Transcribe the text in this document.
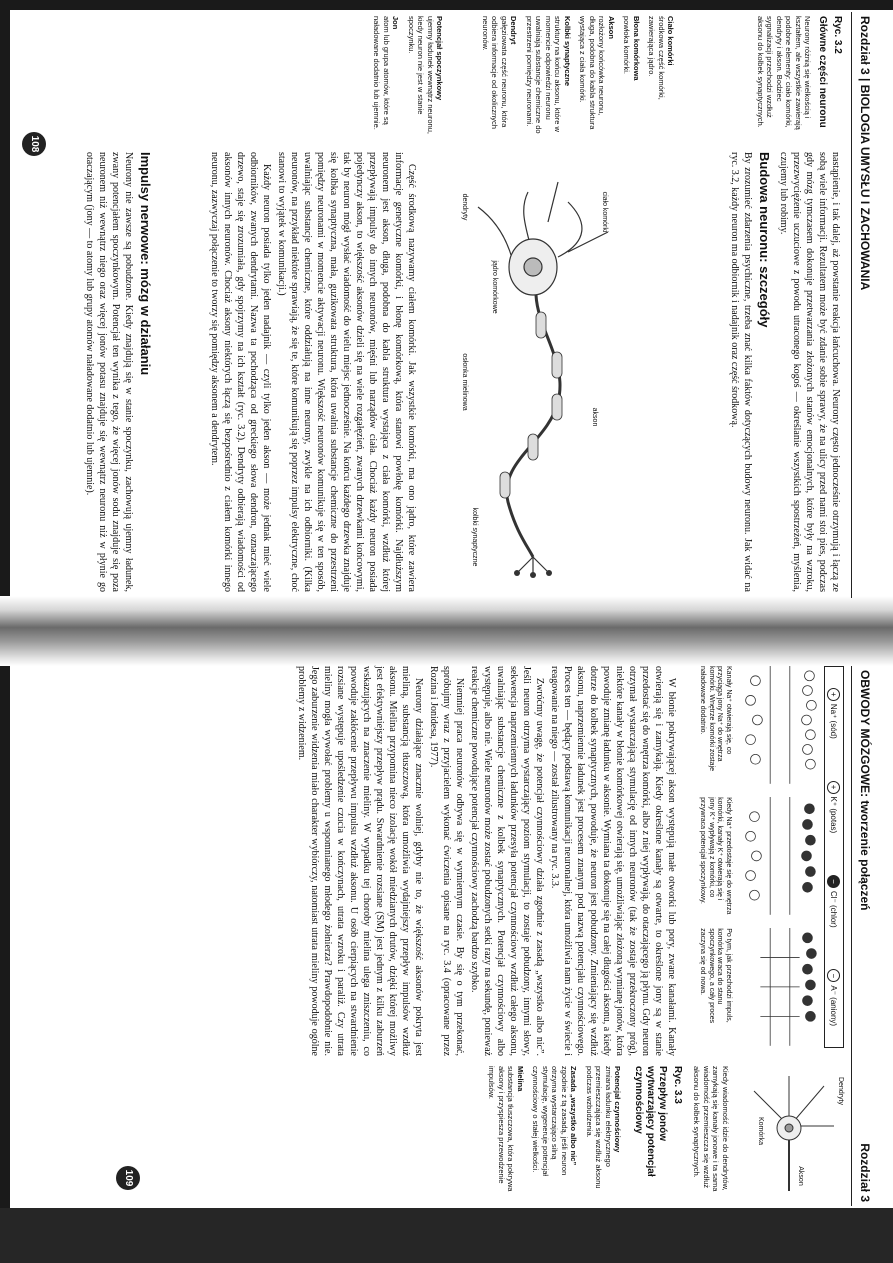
Rozdział 3 | BIOLOGIA UMYSŁU I ZACHOWANIA
Ryc. 3.2
Główne części neuronu
Neurony różnią się wielkością i kształtem, ale wszystkie zawierają podobne elementy: ciało komórki, dendryty i akson. Bodziec sygnalizacji przechodzi wzdłuż aksonu do kolbek synaptycznych.
Ciało komórki
środkowa część komórki, zawierająca jądro.
Błona komórkowa
powłoka komórki.
Akson
rozłożony końcówka neuronu, długa, podobna do kabla struktura wystająca z ciała komórki.
Kolbki synaptyczne
struktury na końcu aksonu, które w momencie odpowiedzi neuronu uwalniają substancje chemiczne do przestrzeni pomiędzy neuronami.
Dendryt
gałęziowata część neuronu, która odbiera informacje od okolicznych neuronów.
Potencjał spoczynkowy
ujemny ładunek wewnątrz neuronu, kiedy neuron nie jest w stanie spoczynku.
Jon
atom lub grupa atomów, które są naładowane dodatnio lub ujemnie.

nastąpienie, i tak dalej, aż powstanie reakcja łańcuchowa. Neurony często jednocześnie otrzymują i łączą ze sobą wiele informacji. Rezultatem może być zdanie sobie sprawy, że na ulicy przed nami stoi pies, podczas gdy mózg tymczasem dokonuje przetwarzania złożonych stanów emocjonalnych, które były na wzroku, przezwyciężenie uczuciowe z powodu utraconego kogoś — określanie wszystkich spostrzeżeń, myślenia, czujemy lub robimy.

Budowa neuronu: szczegóły

By zrozumieć zdarzenia psychiczne, trzeba znać kilka faktów dotyczących budowy neuronu. Jak widać na ryc. 3.2, każdy neuron ma odbiornik i nadajnik oraz część środkową.

ciało komórki
dendryty
jądro komórkowe
akson
osłonka mielinowa
kolbki synaptyczne

Część środkową nazywamy ciałem komórki. Jak wszystkie komórki, ma ono jądro, które zawiera informacje genetyczne komórki, i błonę komórkową, która stanowi powłokę komórki. Najdłuższym neuronem jest akson, długa, podobna do kabla struktura wystająca z ciała komórki, wzdłuż której przepływają impulsy do innych neuronów, mięśni lub narządów ciała. Chociaż każdy neuron posiada pojedynczy akson, to większość aksonów dzieli się na wiele rozgałęzień, zwanych drzewkami końcowymi, tak by neuron mógł wysłać wiadomość do wielu miejsc jednocześnie. Na końcu każdego drzewka znajduje się kolbka synaptyczna, mała, guzikowata struktura, która uwalnia substancje chemiczne do przestrzeni pomiędzy neuronami w momencie aktywacji neuronu. Większość neuronów komunikuje się w ten sposób, uwalniając substancje chemiczne, które oddziałują na inne neurony, zwykle na ich odbiorniki. (Kilka neuronów, na przykład niektóre sprawiają, że się te, które komunikują się poprzez impulsy elektryczne, choć stanowi to wyjątek w komunikacji.)

Każdy neuron posiada tylko jeden nadajnik — czyli tylko jeden akson — może jednak mieć wiele odbiorników, zwanych dendrytami. Nazwa ta pochodząca od greckiego słowa dendron, oznaczającego drzewo, staje się zrozumiała, gdy spojrzymy na ich kształt (ryc. 3.2). Dendryty odbierają wiadomości od aksonów innych neuronów. Chociaż aksony niektórych łączą się bezpośrednio z ciałem komórki innego neuronu, zazwyczaj połączenie to tworzy się pomiędzy aksonem a dendrytem.

Impulsy nerwowe: mózg w działaniu

Neurony nie zawsze są pobudzone. Kiedy znajdują się w stanie spoczynku, zachowują ujemny ładunek, zwany potencjałem spoczynkowym. Potencjał ten wynika z tego, że więcej jonów sodu znajduje się poza neuronem niż wewnątrz niego oraz więcej jonów potasu znajduje się wewnątrz neuronu niż w płynie go otaczającym (jony — to atomy lub grupy atomów naładowane dodatnio lub ujemnie).

108
OBWODY MÓZGOWE: tworzenie połączeń
Rozdział 3
+Na⁺ (sód)
+K⁺ (potas)
−Cl⁻ (chlor)
−A⁻ (aniony)
Kanały Na⁺ otwierają się, co przyciąga jony Na⁺ do wnętrza komórki. Wnętrze komórki zostaje naładowane dodatnio.
Kiedy Na⁺ przedostaje się do wnętrza komórki, kanały K⁺ otwierają się i jony K⁺ wypływają z komórki, co przywraca potencjał spoczynkowy.
Po tym, jak przechodzi impuls, komórka wraca do stanu spoczynkowego, a cały proces zaczyna się od nowa.

W błonie pokrywającej akson występują małe otworki lub pory, zwane kanałami. Kanały otwierają się i zamykają. Kiedy określone kanały są otwarte, to określone jony są w stanie przedostać się do wnętrza komórki, albo z niej wypływają, do otaczającego ją płynu. Gdy neuron otrzymał wystarczającą stymulację od innych neuronów (tak że zostaje przekroczony próg), niektóre kanały w błonie komórkowej otwierają się, umożliwiając złożoną wymianę jonów, która powoduje zmianę ładunku w aksonie. Wymiana ta dokonuje się na całej długości aksonu, a kiedy dotrze do kolbek synaptycznych, powoduje, że neuron jest pobudzony. Zmieniający się wzdłuż aksonu, naprzemiennie ładunek jest procesem znanym pod nazwą potencjału czynnościowego. Proces ten — będący podstawą komunikacji neuronalnej, która umożliwia nam życie w świecie i reagowanie na niego — został zilustrowany na ryc. 3.3.

Zwróćmy uwagę, że potencjał czynnościowy działa zgodnie z zasadą „wszystko albo nic”. Jeśli neuron otrzyma wystarczający poziom stymulacji, to zostaje pobudzony, innymi słowy, sekwencja naprzemiennych ładunków przesyła potencjał czynnościowy wzdłuż całego aksonu, uwalniając substancje chemiczne z kolbek synaptycznych. Potencjał czynnościowy albo występuje, albo nie. Wiele neuronów może zostać pobudzonych setki razy na sekundę, ponieważ reakcje chemiczne powodujące potencjał czynnościowy zachodzą bardzo szybko.

Niemniej praca neuronów odbywa się w wymiernym czasie. By się o tym przekonać, spróbujmy wraz z przyjacielem wykonać ćwiczenia opisane na ryc. 3.4 (opracowane przez Rozina i Jonidesa, 1977).

Neurony działające znacznie wolniej, gdyby nie to, że większość aksonów pokryta jest mieliną, substancją tłuszczową, która umożliwia wydajniejszy przepływ impulsów wzdłuż aksonu. Mielina przypomina nieco izolację wokół miedzianych drutów, dzięki której możliwy jest efektywniejszy przepływ prądu. Stwardnienie rozsiane (SM) jest jednym z kilku zaburzeń wskazujących na znaczenie mieliny. W wypadku tej choroby mielina ulega zniszczeniu, co powoduje zakłócenie przepływu impulsu wzdłuż aksonu. U osób cierpiących na stwardnienie rozsiane występuje upośledzenie czucia w kończynach, utrata wzroku i paraliż. Czy utrata mieliny mogła wywołać problemy u wspomnianego młodego żołnierza? Prawdopodobnie nie. Jego zaburzenie widzenia miało charakter wybiórczy, natomiast utrata mieliny powoduje ogólne problemy z widzeniem.

Dendryty
Komórka
Akson
Kiedy wiadomość idzie do dendrytów, zamykają się kanały jonowe i ta sama wiadomość przemieszcza się wzdłuż aksonu do kolbek synaptycznych.
Ryc. 3.3
Przepływ jonów wytwarzający potencjał czynnościowy
Potencjał czynnościowy
zmiana ładunku elektrycznego przemieszczająca się wzdłuż aksonu podczas wzbudzenia.
Zasada „wszystko albo nic”
zgodnie z tą zasadą, jeśli neuron otrzyma wystarczająco silną stymulację, wygeneruje potencjał czynnościowy o stałej wielkości.
Mielina
substancja tłuszczowa, która pokrywa aksony i przyspiesza przewodzenie impulsów.
109
